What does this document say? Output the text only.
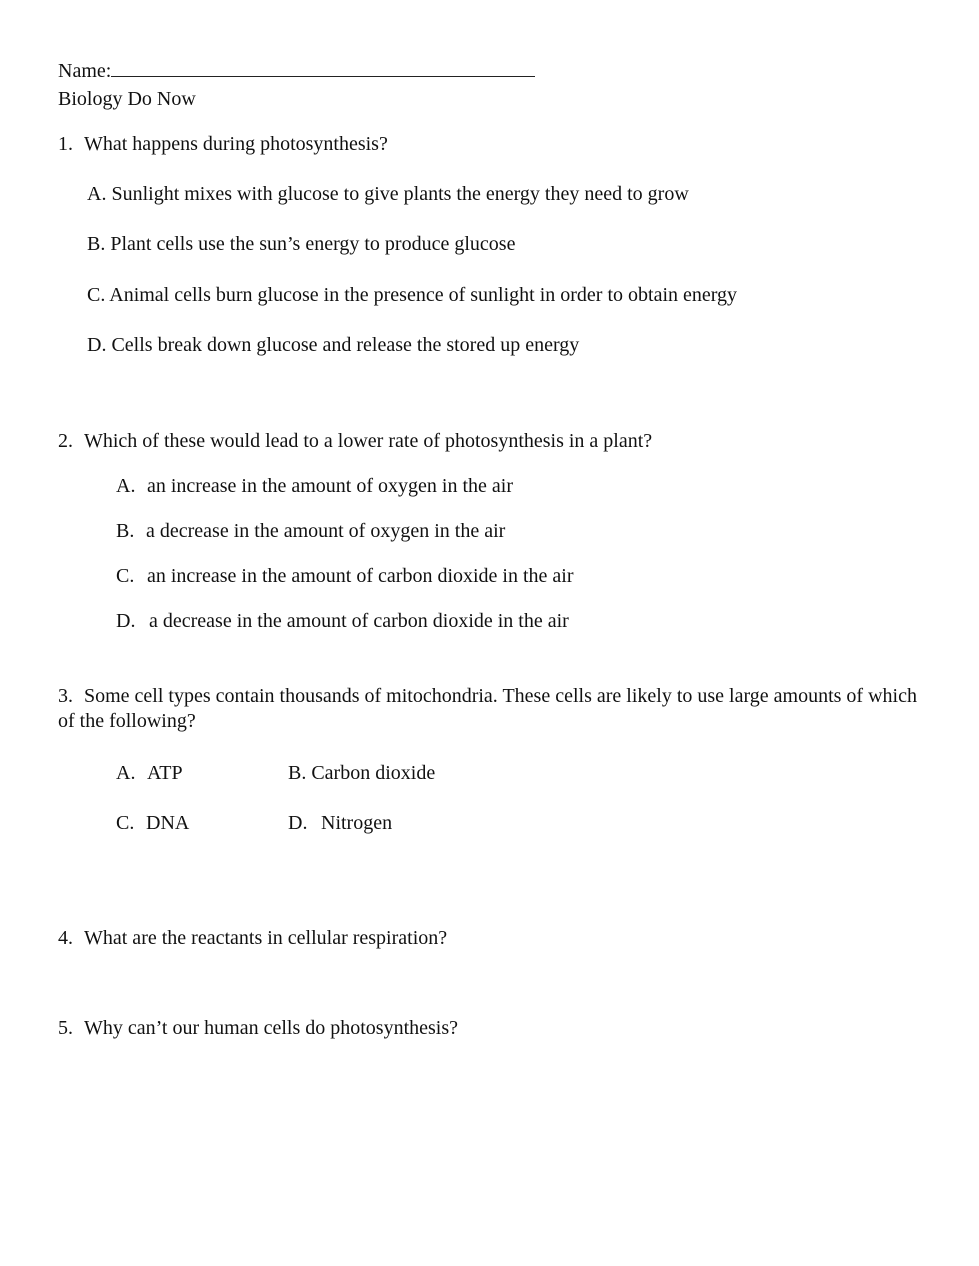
Name:
Biology Do Now
1. What happens during photosynthesis?
A. Sunlight mixes with glucose to give plants the energy they need to grow
B. Plant cells use the sun’s energy to produce glucose
C. Animal cells burn glucose in the presence of sunlight in order to obtain energy
D. Cells break down glucose and release the stored up energy
2. Which of these would lead to a lower rate of photosynthesis in a plant?
A. an increase in the amount of oxygen in the air
B. a decrease in the amount of oxygen in the air
C. an increase in the amount of carbon dioxide in the air
D. a decrease in the amount of carbon dioxide in the air
3. Some cell types contain thousands of mitochondria. These cells are likely to use large amounts of which of the following?
A. ATP	B. Carbon dioxide
C. DNA	D. Nitrogen
4. What are the reactants in cellular respiration?
5. Why can’t our human cells do photosynthesis?
